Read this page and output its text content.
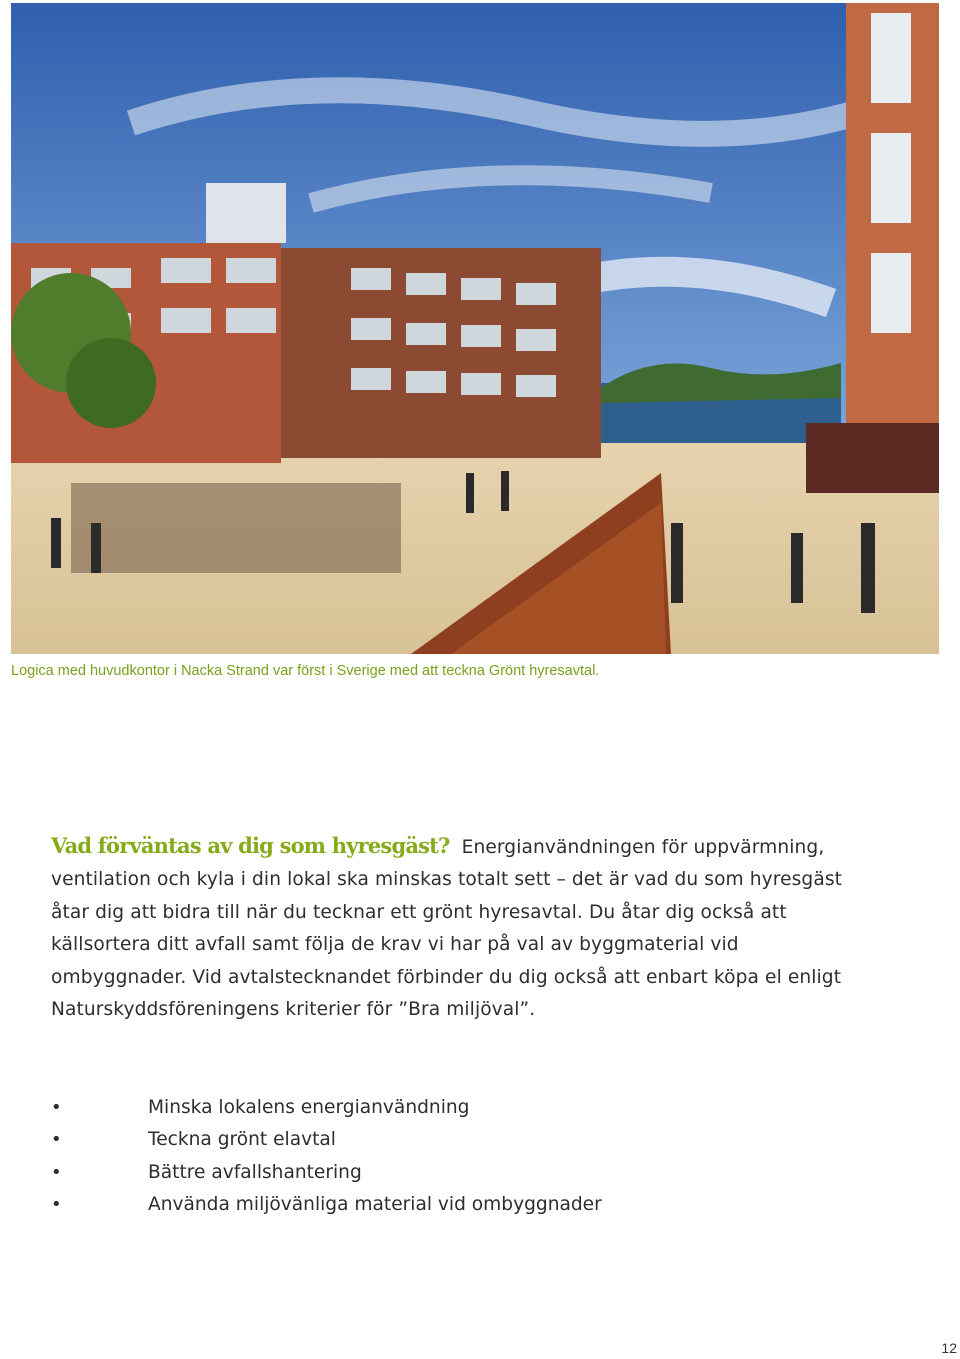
Logica med huvudkontor i Nacka Strand var först i Sverige med att teckna Grönt hyresavtal.
Vad förväntas av dig som hyresgäst? Energianvändningen för uppvärmning, ventilation och kyla i din lokal ska minskas totalt sett – det är vad du som hyresgäst åtar dig att bidra till när du tecknar ett grönt hyresavtal. Du åtar dig också att källsortera ditt avfall samt följa de krav vi har på val av byggmaterial vid ombyggnader. Vid avtalstecknandet förbinder du dig också att enbart köpa el enligt Naturskyddsföreningens kriterier för ”Bra miljöval”.
•	Minska lokalens energianvändning
•	Teckna grönt elavtal
•	Bättre avfallshantering
•	Använda miljövänliga material vid ombyggnader
12
